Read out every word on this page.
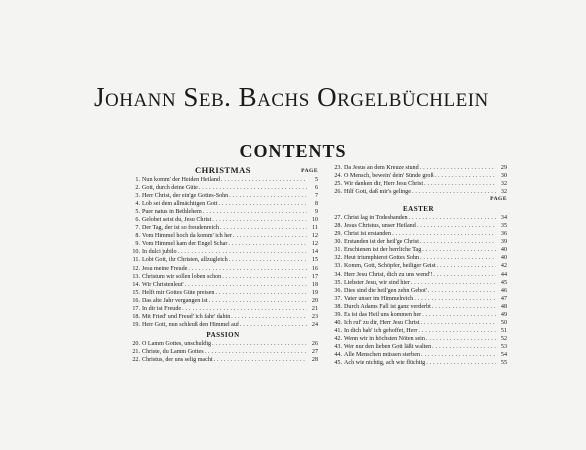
Johann Seb. Bachs Orgelbüchlein
CONTENTS
CHRISTMAS	PAGE
1. Nun komm' der Heiden Heiland . . .	5
2. Gott, durch deine Güte . . .	6
3. Herr Christ, der ein'ge Gottes-Sohn . . .	7
4. Lob sei dem allmächtigen Gott . . .	8
5. Puer natus in Bethlehem . . .	9
6. Gelobet seist du, Jesu Christ . . .	10
7. Der Tag, der ist so freudenreich . . .	11
8. Vom Himmel hoch da komm' ich her . . .	12
9. Vom Himmel kam der Engel Schar . . .	12
10. In dulci jubilo . . .	14
11. Lobt Gott, ihr Christen, allzugleich . . .	15
12. Jesu meine Freude . . .	16
13. Christum wir sollen loben schon . . .	17
14. Wir Christenleut' . . .	18
15. Helft mir Gottes Güte preisen . . .	19
16. Das alte Jahr vergangen ist . . .	20
17. In dir ist Freude . . .	21
18. Mit Fried' und Freud' ich fahr' dahin . . .	23
19. Herr Gott, nun schleuß den Himmel auf . . .	24
PASSION
20. O Lamm Gottes, unschuldig . . .	26
21. Christe, du Lamm Gottes . . .	27
22. Christus, der uns selig macht . . .	28
23. Da Jesus an dem Kreuze stund . . .	29
24. O Mensch, bewein' dein' Sünde groß . . .	30
25. Wir danken dir, Herr Jesu Christ . . .	32
26. Hilf Gott, daß mir's gelinge . . .	32
PAGE
EASTER
27. Christ lag in Todesbanden . . .	34
28. Jesus Christus, unser Heiland . . .	35
29. Christ ist erstanden . . .	36
30. Erstanden ist der heil'ge Christ . . .	39
31. Erschienen ist der herrliche Tag . . .	40
32. Heut triumphieret Gottes Sohn . . .	40
33. Komm, Gott, Schöpfer, heiliger Geist . . .	42
34. Herr Jesu Christ, dich zu uns wend'! . . .	44
35. Liebster Jesu, wir sind hier . . .	45
36. Dies sind die heil'gen zehn Gebot' . . .	46
37. Vater unser im Himmelreich . . .	47
38. Durch Adams Fall ist ganz verderbt . . .	48
39. Es ist das Heil uns kommen her . . .	49
40. Ich ruf' zu dir, Herr Jesu Christ . . .	50
41. In dich hab' ich gehoffet, Herr . . .	51
42. Wenn wir in höchsten Nöten sein . . .	52
43. Wer nur den lieben Gott läßt walten . . .	53
44. Alle Menschen müssen sterben . . .	54
45. Ach wie nichtig, ach wie flüchtig . . .	55
